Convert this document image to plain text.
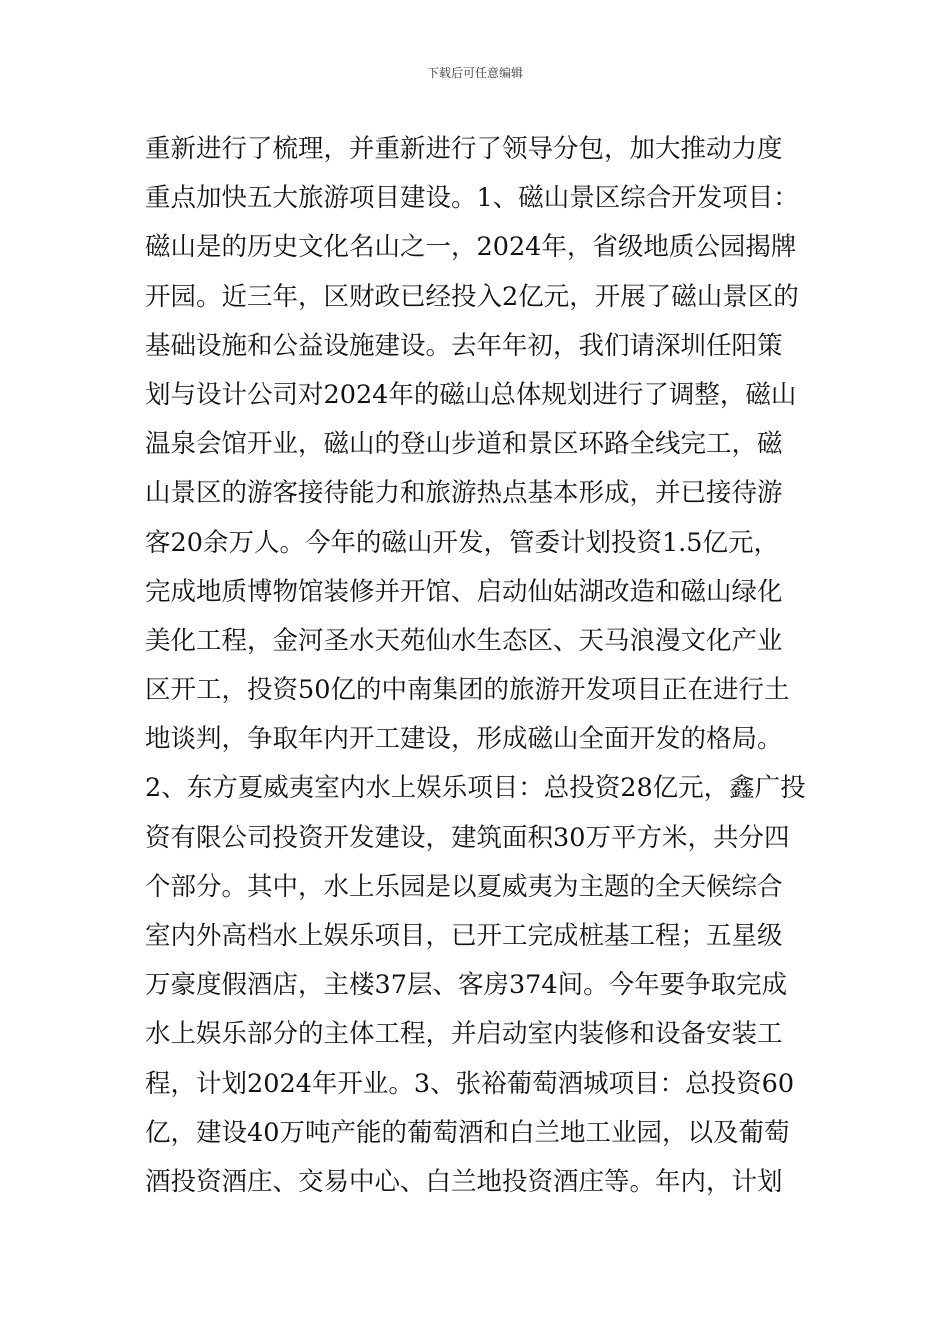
下载后可任意编辑
重新进行了梳理，并重新进行了领导分包，加大推动力度
重点加快五大旅游项目建设。1、磁山景区综合开发项目：
磁山是的历史文化名山之一，2024年，省级地质公园揭牌
开园。近三年，区财政已经投入2亿元，开展了磁山景区的
基础设施和公益设施建设。去年年初，我们请深圳任阳策
划与设计公司对2024年的磁山总体规划进行了调整，磁山
温泉会馆开业，磁山的登山步道和景区环路全线完工，磁
山景区的游客接待能力和旅游热点基本形成，并已接待游
客20余万人。今年的磁山开发，管委计划投资1.5亿元，
完成地质博物馆装修并开馆、启动仙姑湖改造和磁山绿化
美化工程，金河圣水天苑仙水生态区、天马浪漫文化产业
区开工，投资50亿的中南集团的旅游开发项目正在进行土
地谈判，争取年内开工建设，形成磁山全面开发的格局。
2、东方夏威夷室内水上娱乐项目：总投资28亿元，鑫广投
资有限公司投资开发建设，建筑面积30万平方米，共分四
个部分。其中，水上乐园是以夏威夷为主题的全天候综合
室内外高档水上娱乐项目，已开工完成桩基工程；五星级
万豪度假酒店，主楼37层、客房374间。今年要争取完成
水上娱乐部分的主体工程，并启动室内装修和设备安装工
程，计划2024年开业。3、张裕葡萄酒城项目：总投资60
亿，建设40万吨产能的葡萄酒和白兰地工业园，以及葡萄
酒投资酒庄、交易中心、白兰地投资酒庄等。年内，计划
